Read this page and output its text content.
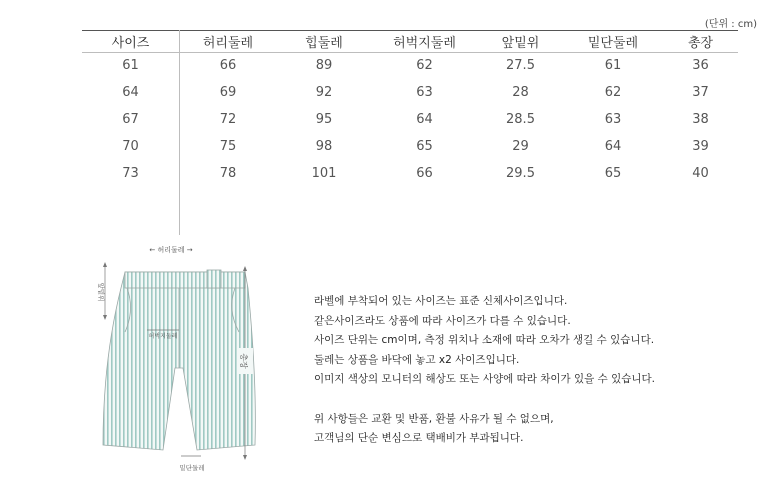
(단위 : cm)
사이즈	허리둘레	힙둘레	허벅지둘레	앞밑위	밑단둘레	총장
61	66	89	62	27.5	61	36
64	69	92	63	28	62	37
67	72	95	64	28.5	63	38
70	75	98	65	29	64	39
73	78	101	66	29.5	65	40
← 허리둘레 →
앞밑위
허벅지둘레
총장
밑단둘레

라벨에 부착되어 있는 사이즈는 표준 신체사이즈입니다.

같은사이즈라도 상품에 따라 사이즈가 다를 수 있습니다.

사이즈 단위는 cm이며, 측정 위치나 소재에 따라 오차가 생길 수 있습니다.

둘레는 상품을 바닥에 놓고 x2 사이즈입니다.

이미지 색상의 모니터의 해상도 또는 사양에 따라 차이가 있을 수 있습니다.

위 사항들은 교환 및 반품, 환불 사유가 될 수 없으며,

고객님의 단순 변심으로 택배비가 부과됩니다.
